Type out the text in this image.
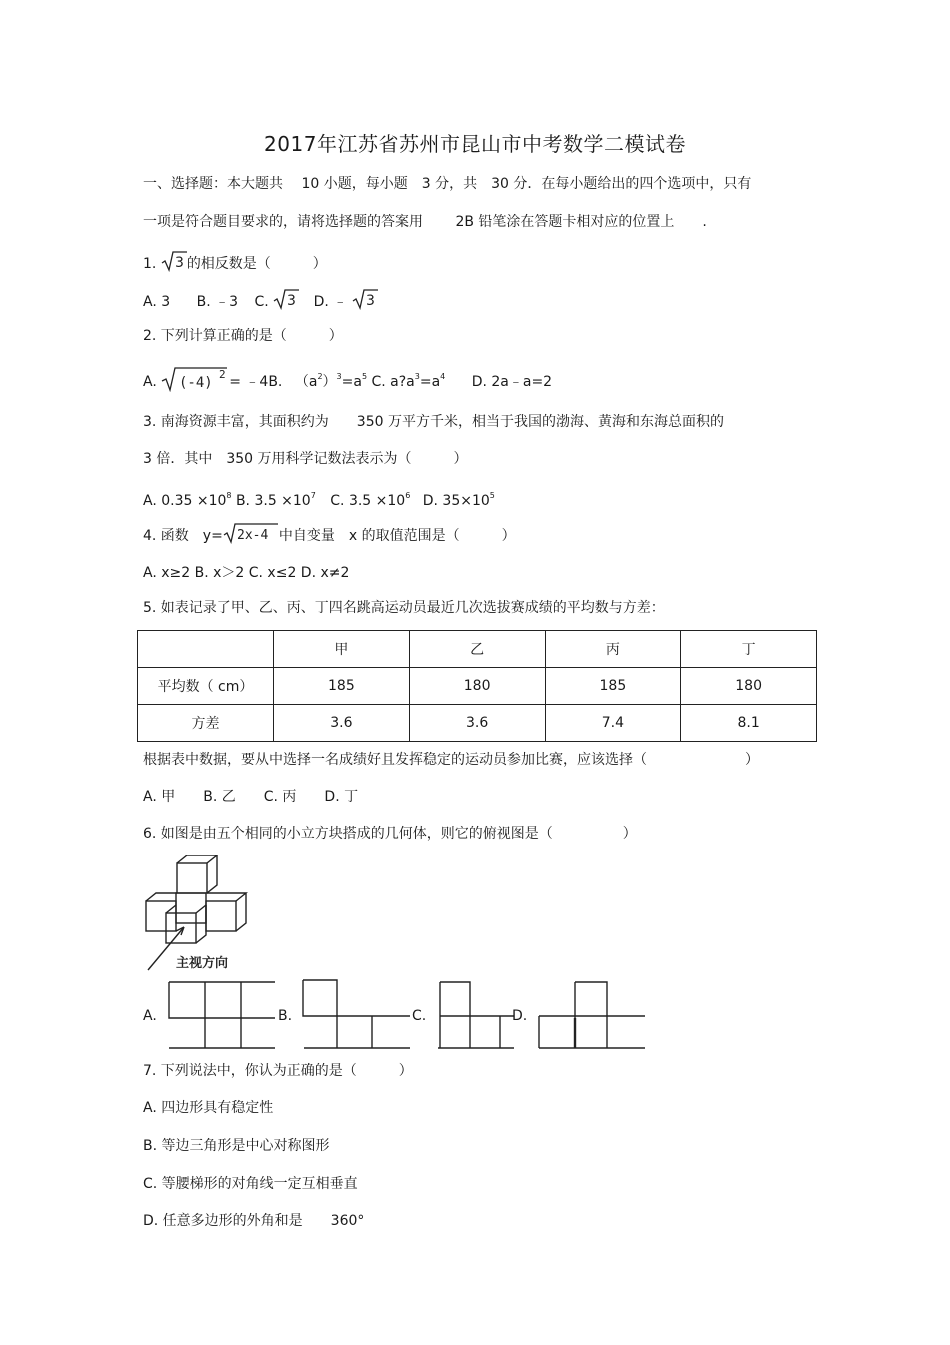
2017年江苏省苏州市昆山市中考数学二模试卷
一、选择题：本大题共　 10 小题，每小题　3 分，共　30 分．在每小题给出的四个选项中，只有
一项是符合题目要求的，请将选择题的答案用　　 2B 铅笔涂在答题卡相对应的位置上　　.
1. 3 的相反数是（　　　）
A. 3 B. ﹣3 C. 3 D. ﹣ 3
2. 下列计算正确的是（　　　）
A. (-4)
2 = ﹣4B. $(a^2)^3=a^5$ C. $a?a^3=a^4$ D. 2a﹣a=2
3. 南海资源丰富，其面积约为　　350 万平方千米，相当于我国的渤海、黄海和东海总面积的
3 倍．其中　350 万用科学记数法表示为（　　　）
A. $0.35 \times 10^8$ B. $3.5 \times 10^7$ C. $3.5 \times 10^6$ D. $35\times 10^5$
4. 函数　y= 2x-4 中自变量　x 的取值范围是（　　　）
A. x≥2 B. x＞2 C. x≤2 D. x≠2
5. 如表记录了甲、乙、丙、丁四名跳高运动员最近几次选拔赛成绩的平均数与方差：
	甲	乙	丙	丁
平均数（ cm）	185	180	185	180
方差	3.6	3.6	7.4	8.1
根据表中数据，要从中选择一名成绩好且发挥稳定的运动员参加比赛，应该选择（　　　　　　　）
A. 甲　　B. 乙　　C. 丙　　D. 丁
6. 如图是由五个相同的小立方块搭成的几何体，则它的俯视图是（　　　　　）
主视方向
A.	B.	C.	D.
7. 下列说法中，你认为正确的是（　　　）
A. 四边形具有稳定性
B. 等边三角形是中心对称图形
C. 等腰梯形的对角线一定互相垂直
D. 任意多边形的外角和是　　360°
